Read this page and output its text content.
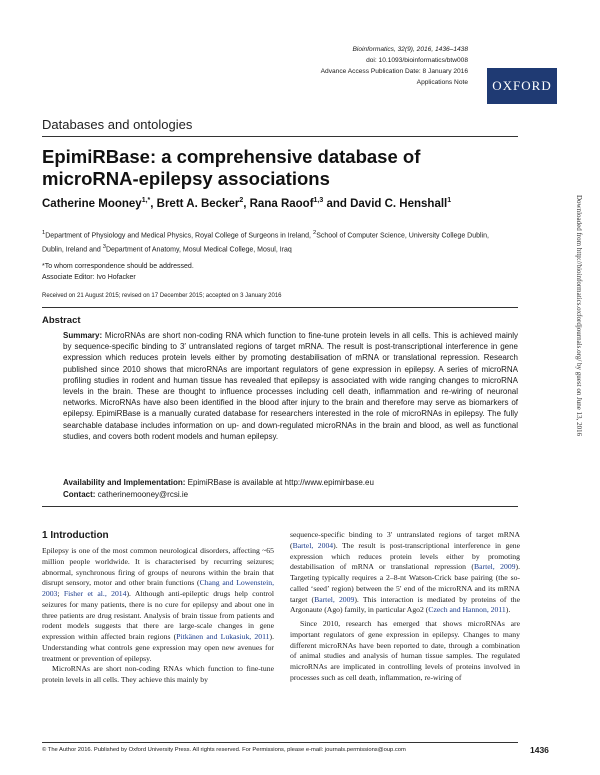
Bioinformatics, 32(9), 2016, 1436–1438
doi: 10.1093/bioinformatics/btw008
Advance Access Publication Date: 8 January 2016
Applications Note	OXFORD
Databases and ontologies
EpimiRBase: a comprehensive database of microRNA-epilepsy associations
Catherine Mooney$^{1,*}$, Brett A. Becker$^2$, Rana Raoof$^{1,3}$ and David C. Henshall$^1$
$^1$Department of Physiology and Medical Physics, Royal College of Surgeons in Ireland, $^2$School of Computer Science, University College Dublin, Dublin, Ireland and $^3$Department of Anatomy, Mosul Medical College, Mosul, Iraq
*To whom correspondence should be addressed.
Associate Editor: Ivo Hofacker
Received on 21 August 2015; revised on 17 December 2015; accepted on 3 January 2016
Abstract
Summary: MicroRNAs are short non-coding RNA which function to fine-tune protein levels in all cells. This is achieved mainly by sequence-specific binding to 3′ untranslated regions of target mRNA. The result is post-transcriptional interference in gene expression which reduces protein levels either by promoting destabilisation of mRNA or translational repression. Research published since 2010 shows that microRNAs are important regulators of gene expression in epilepsy. A series of microRNA profiling studies in rodent and human tissue has revealed that epilepsy is associated with wide ranging changes to microRNA levels in the brain. These are thought to influence processes including cell death, inflammation and re-wiring of neuronal networks. MicroRNAs have also been identified in the blood after injury to the brain and therefore may serve as biomarkers of epilepsy. EpimiRBase is a manually curated database for researchers interested in the role of microRNAs in epilepsy. The fully searchable database includes information on up- and down-regulated microRNAs in the brain and blood, as well as functional studies, and covers both rodent models and human epilepsy.
Availability and Implementation: EpimiRBase is available at http://www.epimirbase.eu
Contact: catherinemooney@rcsi.ie
1 Introduction
Epilepsy is one of the most common neurological disorders, affecting ~65 million people worldwide. It is characterised by recurring seizures; abnormal, synchronous firing of groups of neurons within the brain that disrupt sensory, motor and other brain functions (Chang and Lowenstein, 2003; Fisher et al., 2014). Although anti-epileptic drugs help control seizures for many patients, there is no cure for epilepsy and about one in three patients are drug resistant. Analysis of brain tissue from patients and rodent models suggests that there are large-scale changes in gene expression within affected brain regions (Pitkänen and Lukasiuk, 2011). Understanding what controls gene expression may open new avenues for treatment or prevention of epilepsy.
MicroRNAs are short non-coding RNAs which function to fine-tune protein levels in all cells. They achieve this mainly by
sequence-specific binding to 3′ untranslated regions of target mRNA (Bartel, 2004). The result is post-transcriptional interference in gene expression which reduces protein levels either by promoting destabilisation of mRNA or translational repression (Bartel, 2009). Targeting typically requires a 2–8-nt Watson-Crick base pairing (the so-called ‘seed’ region) between the 5′ end of the microRNA and its mRNA target (Bartel, 2009). This interaction is mediated by proteins of the Argonaute (Ago) family, in particular Ago2 (Czech and Hannon, 2011).
Since 2010, research has emerged that shows microRNAs are important regulators of gene expression in epilepsy. Changes to many different microRNAs have been reported to date, through a combination of animal studies and analysis of human tissue samples. The regulated microRNAs are implicated in controlling levels of proteins involved in processes such as cell death, inflammation, re-wiring of
Downloaded from http://bioinformatics.oxfordjournals.org/ by guest on June 13, 2016
© The Author 2016. Published by Oxford University Press. All rights reserved. For Permissions, please e-mail: journals.permissions@oup.com	1436
